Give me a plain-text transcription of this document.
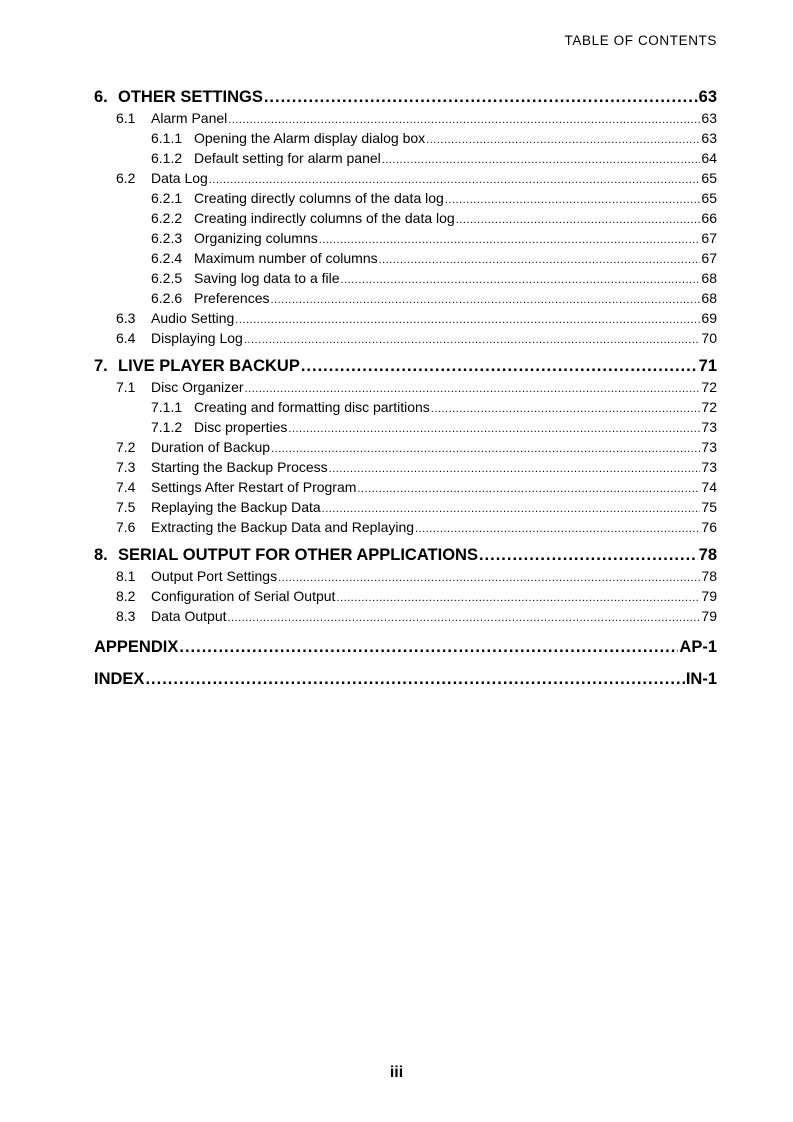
TABLE OF CONTENTS
6. OTHER SETTINGS .....	63
6.1	Alarm Panel .....	63
6.1.1 Opening the Alarm display dialog box .....	63
6.1.2 Default setting for alarm panel .....	64
6.2	Data Log .....	65
6.2.1 Creating directly columns of the data log .....	65
6.2.2 Creating indirectly columns of the data log .....	66
6.2.3 Organizing columns .....	67
6.2.4 Maximum number of columns .....	67
6.2.5 Saving log data to a file .....	68
6.2.6 Preferences .....	68
6.3	Audio Setting .....	69
6.4	Displaying Log .....	70
7. LIVE PLAYER BACKUP .....	71
7.1	Disc Organizer .....	72
7.1.1 Creating and formatting disc partitions .....	72
7.1.2 Disc properties .....	73
7.2	Duration of Backup .....	73
7.3	Starting the Backup Process .....	73
7.4	Settings After Restart of Program .....	74
7.5	Replaying the Backup Data .....	75
7.6	Extracting the Backup Data and Replaying .....	76
8. SERIAL OUTPUT FOR OTHER APPLICATIONS .....	78
8.1	Output Port Settings .....	78
8.2	Configuration of Serial Output .....	79
8.3	Data Output .....	79
APPENDIX .....	AP-1
INDEX .....	IN-1
iii
